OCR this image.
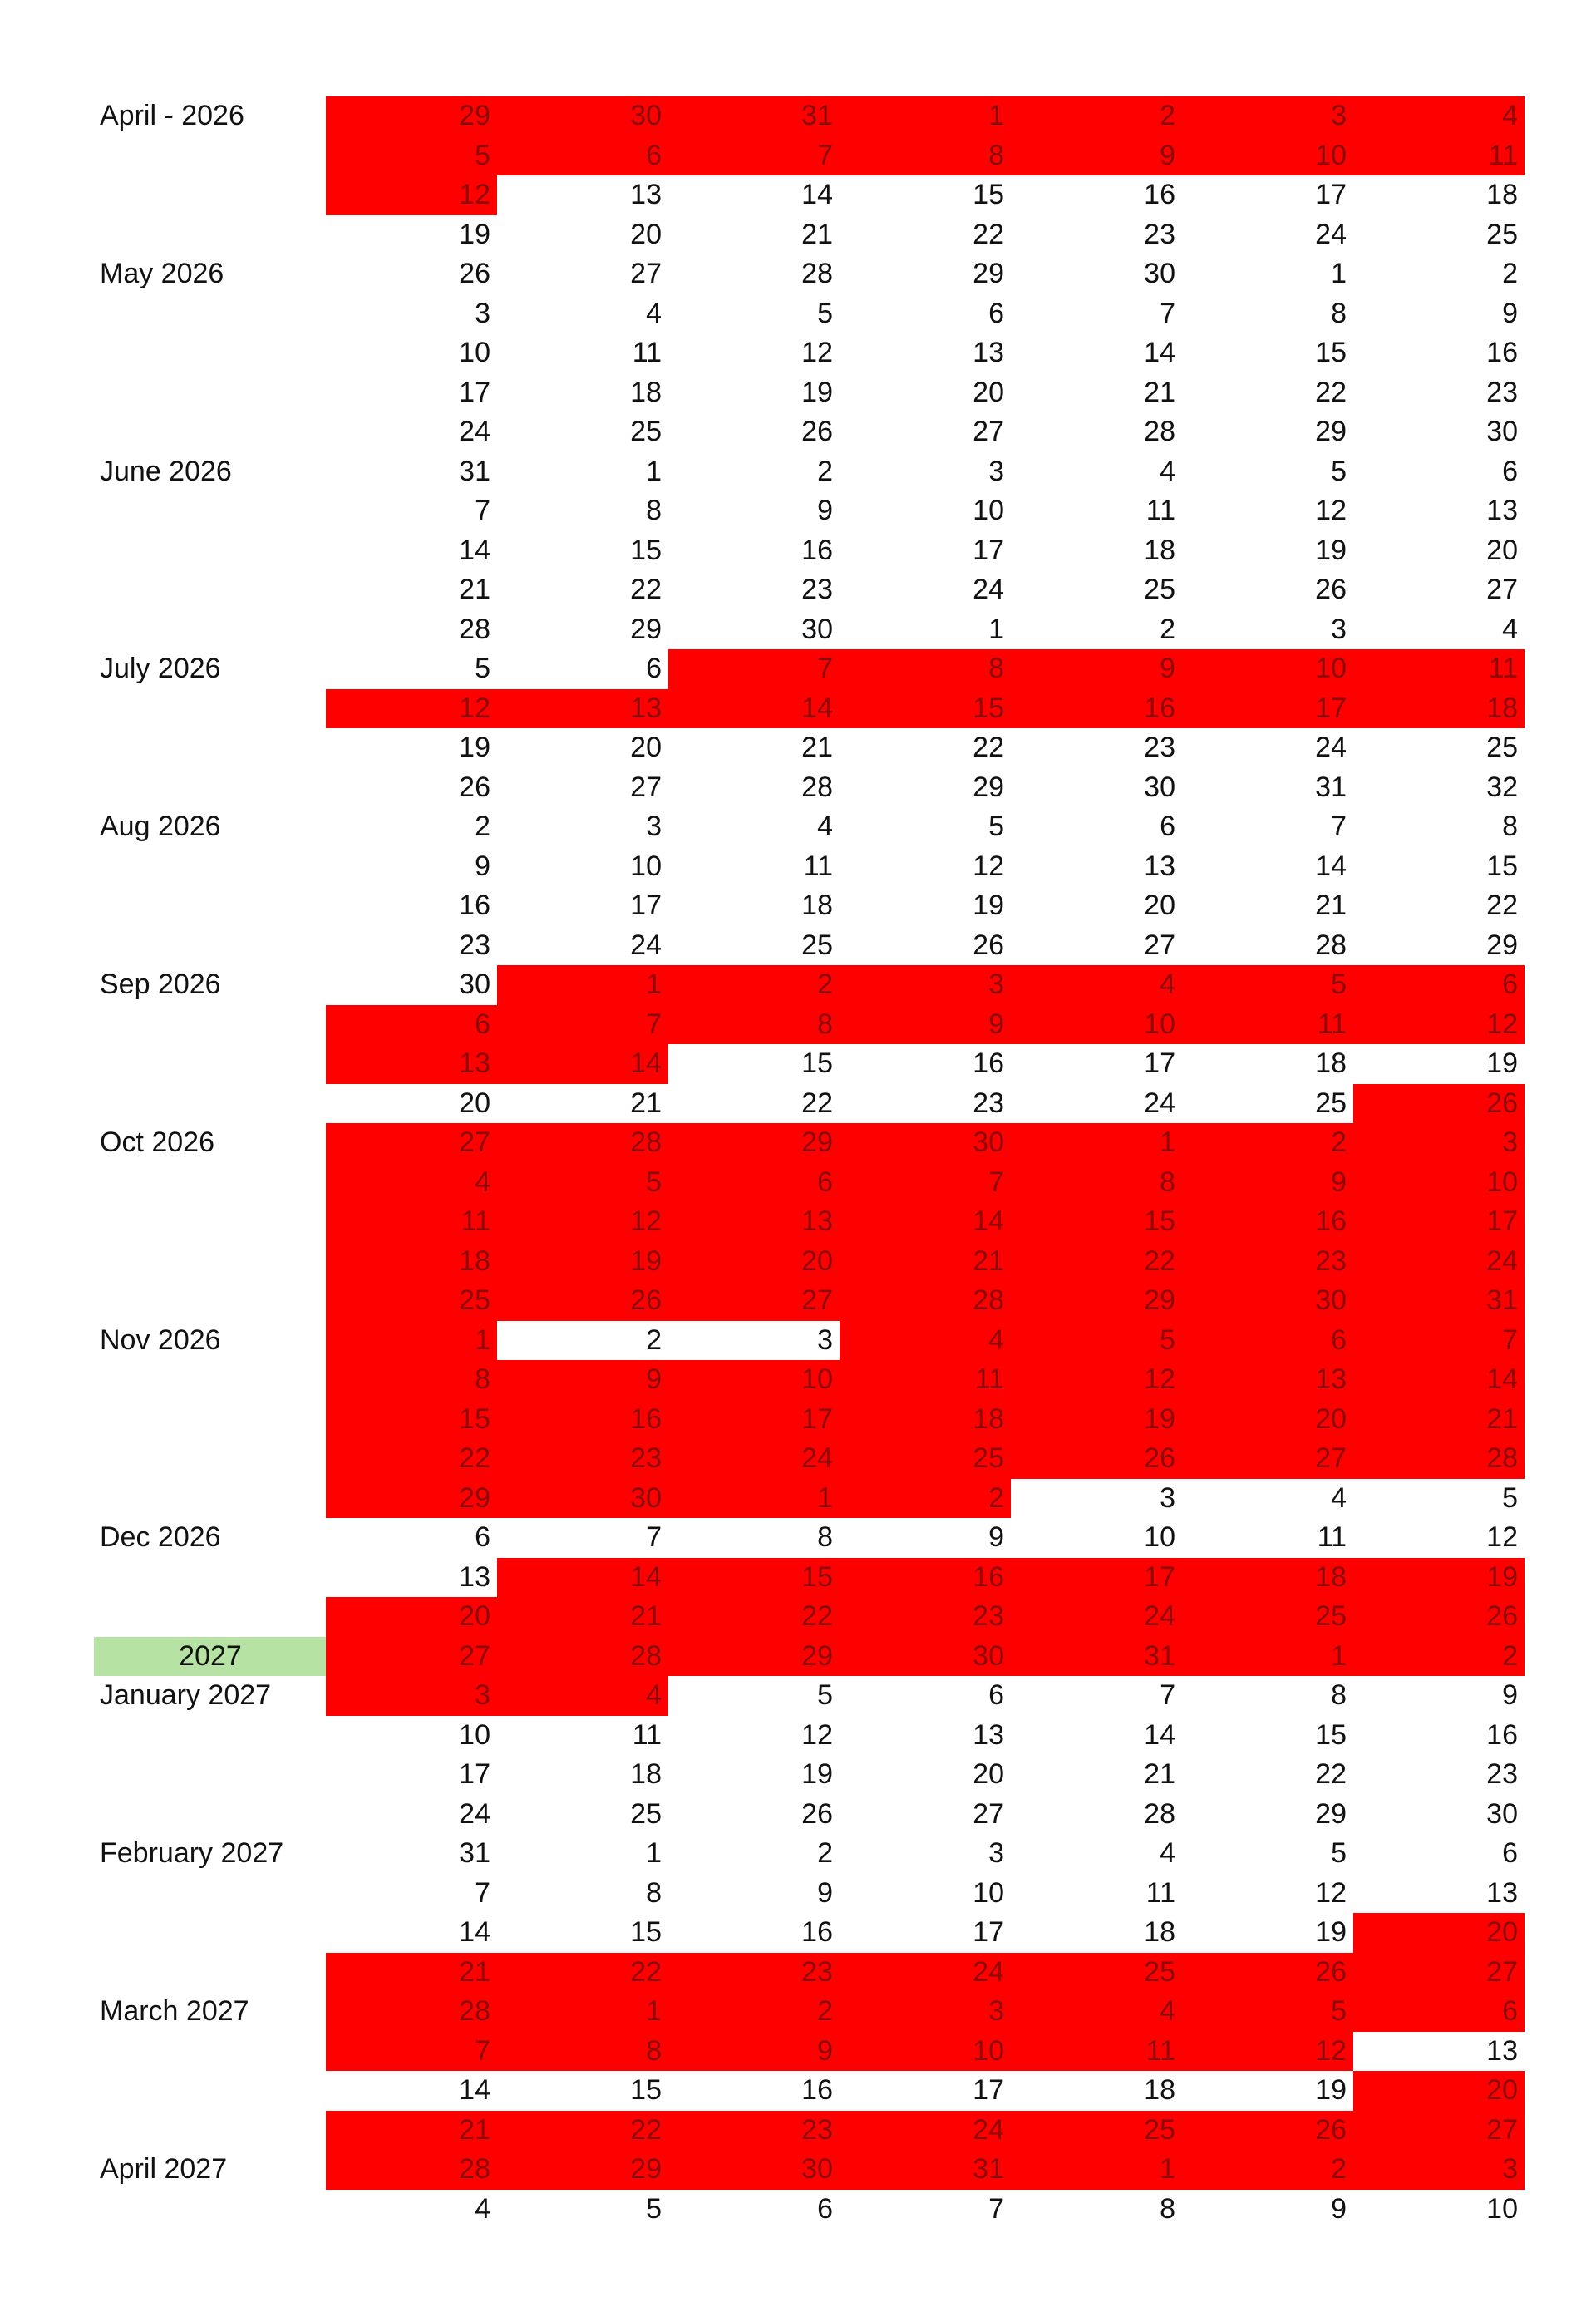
April - 2026	29	30	31	1	2	3	4
5	6	7	8	9	10	11
12	13	14	15	16	17	18
19	20	21	22	23	24	25
May 2026	26	27	28	29	30	1	2
3	4	5	6	7	8	9
10	11	12	13	14	15	16
17	18	19	20	21	22	23
24	25	26	27	28	29	30
June 2026	31	1	2	3	4	5	6
7	8	9	10	11	12	13
14	15	16	17	18	19	20
21	22	23	24	25	26	27
28	29	30	1	2	3	4
July 2026	5	6	7	8	9	10	11
12	13	14	15	16	17	18
19	20	21	22	23	24	25
26	27	28	29	30	31	32
Aug 2026	2	3	4	5	6	7	8
9	10	11	12	13	14	15
16	17	18	19	20	21	22
23	24	25	26	27	28	29
Sep 2026	30	1	2	3	4	5	6
6	7	8	9	10	11	12
13	14	15	16	17	18	19
20	21	22	23	24	25	26
Oct 2026	27	28	29	30	1	2	3
4	5	6	7	8	9	10
11	12	13	14	15	16	17
18	19	20	21	22	23	24
25	26	27	28	29	30	31
Nov 2026	1	2	3	4	5	6	7
8	9	10	11	12	13	14
15	16	17	18	19	20	21
22	23	24	25	26	27	28
29	30	1	2	3	4	5
Dec 2026	6	7	8	9	10	11	12
13	14	15	16	17	18	19
20	21	22	23	24	25	26
2027	27	28	29	30	31	1	2
January 2027	3	4	5	6	7	8	9
10	11	12	13	14	15	16
17	18	19	20	21	22	23
24	25	26	27	28	29	30
February 2027	31	1	2	3	4	5	6
7	8	9	10	11	12	13
14	15	16	17	18	19	20
21	22	23	24	25	26	27
March 2027	28	1	2	3	4	5	6
7	8	9	10	11	12	13
14	15	16	17	18	19	20
21	22	23	24	25	26	27
April 2027	28	29	30	31	1	2	3
4	5	6	7	8	9	10
